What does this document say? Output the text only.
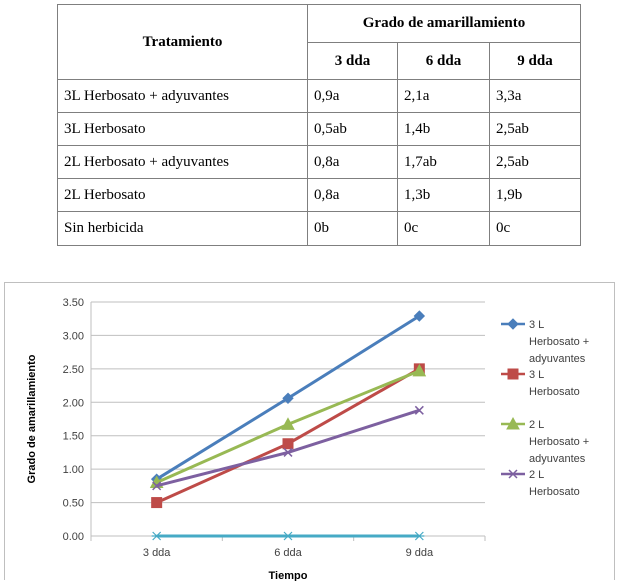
Tratamiento	Grado de amarillamiento		
	3 dda	6 dda	9 dda
3L Herbosato + adyuvantes	0,9a	2,1a	3,3a
3L Herbosato	0,5ab	1,4b	2,5ab
2L Herbosato + adyuvantes	0,8a	1,7ab	2,5ab
2L Herbosato	0,8a	1,3b	1,9b
Sin herbicida	0b	0c	0c
0.00
0.50
1.00
1.50
2.00
2.50
3.00
3.50
3 dda	6 dda	9 dda
Tiempo
Grado de amarillamiento
3 L
Herbosato +
adyuvantes
3 L
Herbosato
2 L
Herbosato +
adyuvantes
2 L
Herbosato
